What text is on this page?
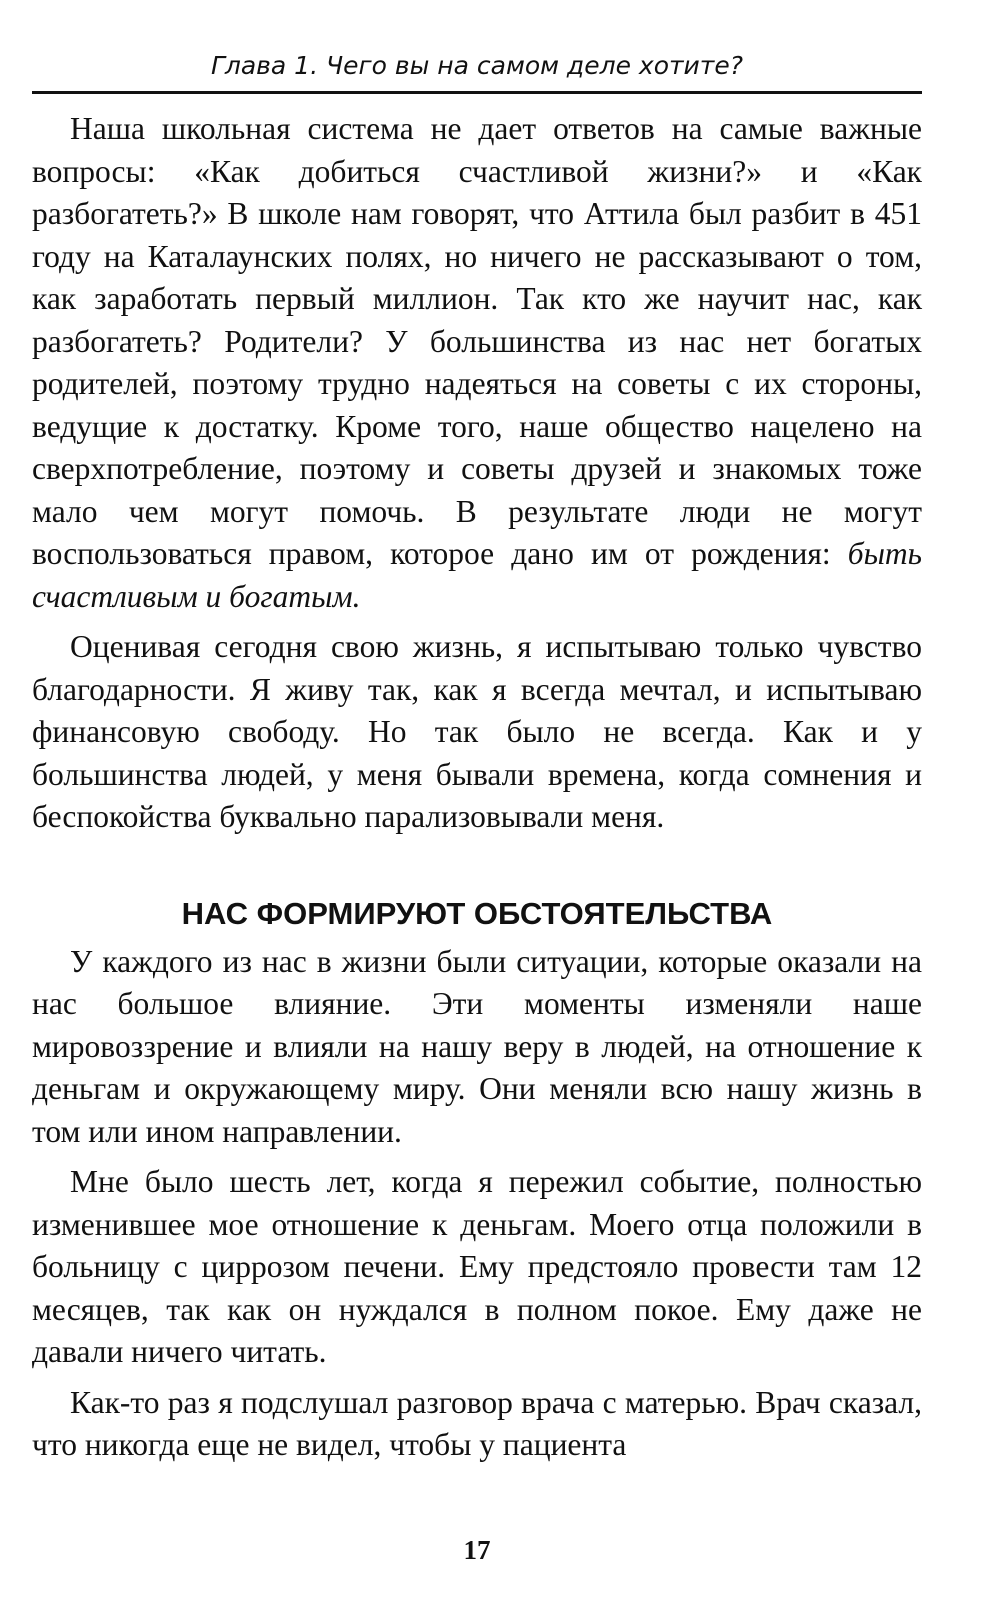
Глава 1. Чего вы на самом деле хотите?

Наша школьная система не дает ответов на самые важные вопросы: «Как добиться счастливой жизни?» и «Как разбогатеть?» В школе нам говорят, что Аттила был разбит в 451 году на Каталаунских полях, но ничего не рассказывают о том, как заработать первый миллион. Так кто же научит нас, как разбогатеть? Родители? У большинства из нас нет богатых родителей, поэтому трудно надеяться на советы с их стороны, ведущие к достатку. Кроме того, наше общество нацелено на сверхпотребление, поэтому и советы друзей и знакомых тоже мало чем могут помочь. В результате люди не могут воспользоваться правом, которое дано им от рождения: быть счастливым и богатым.

Оценивая сегодня свою жизнь, я испытываю только чувство благодарности. Я живу так, как я всегда мечтал, и испытываю финансовую свободу. Но так было не всегда. Как и у большинства людей, у меня бывали времена, когда сомнения и беспокойства буквально парализовывали меня.

НАС ФОРМИРУЮТ ОБСТОЯТЕЛЬСТВА

У каждого из нас в жизни были ситуации, которые оказали на нас большое влияние. Эти моменты изменяли наше мировоззрение и влияли на нашу веру в людей, на отношение к деньгам и окружающему миру. Они меняли всю нашу жизнь в том или ином направлении.

Мне было шесть лет, когда я пережил событие, полностью изменившее мое отношение к деньгам. Моего отца положили в больницу с циррозом печени. Ему предстояло провести там 12 месяцев, так как он нуждался в полном покое. Ему даже не давали ничего читать.

Как-то раз я подслушал разговор врача с матерью. Врач сказал, что никогда еще не видел, чтобы у пациента

17
